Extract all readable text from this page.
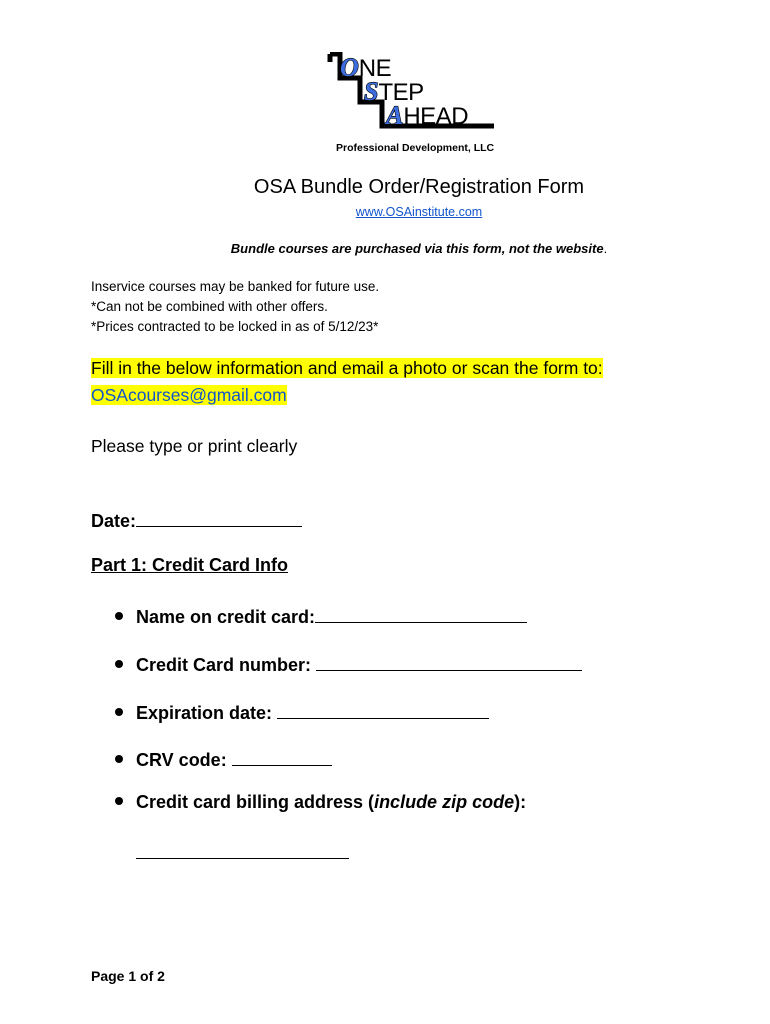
ONE
STEP
AHEAD
Professional Development, LLC
OSA Bundle Order/Registration Form
www.OSAinstitute.com
Bundle courses are purchased via this form, not the website.
Inservice courses may be banked for future use.
*Can not be combined with other offers.
*Prices contracted to be locked in as of 5/12/23*
Fill in the below information and email a photo or scan the form to:
OSAcourses@gmail.com
Please type or print clearly
Date:
Part 1: Credit Card Info
Name on credit card:
Credit Card number:
Expiration date:
CRV code:
Credit card billing address (include zip code):
Page 1 of 2
